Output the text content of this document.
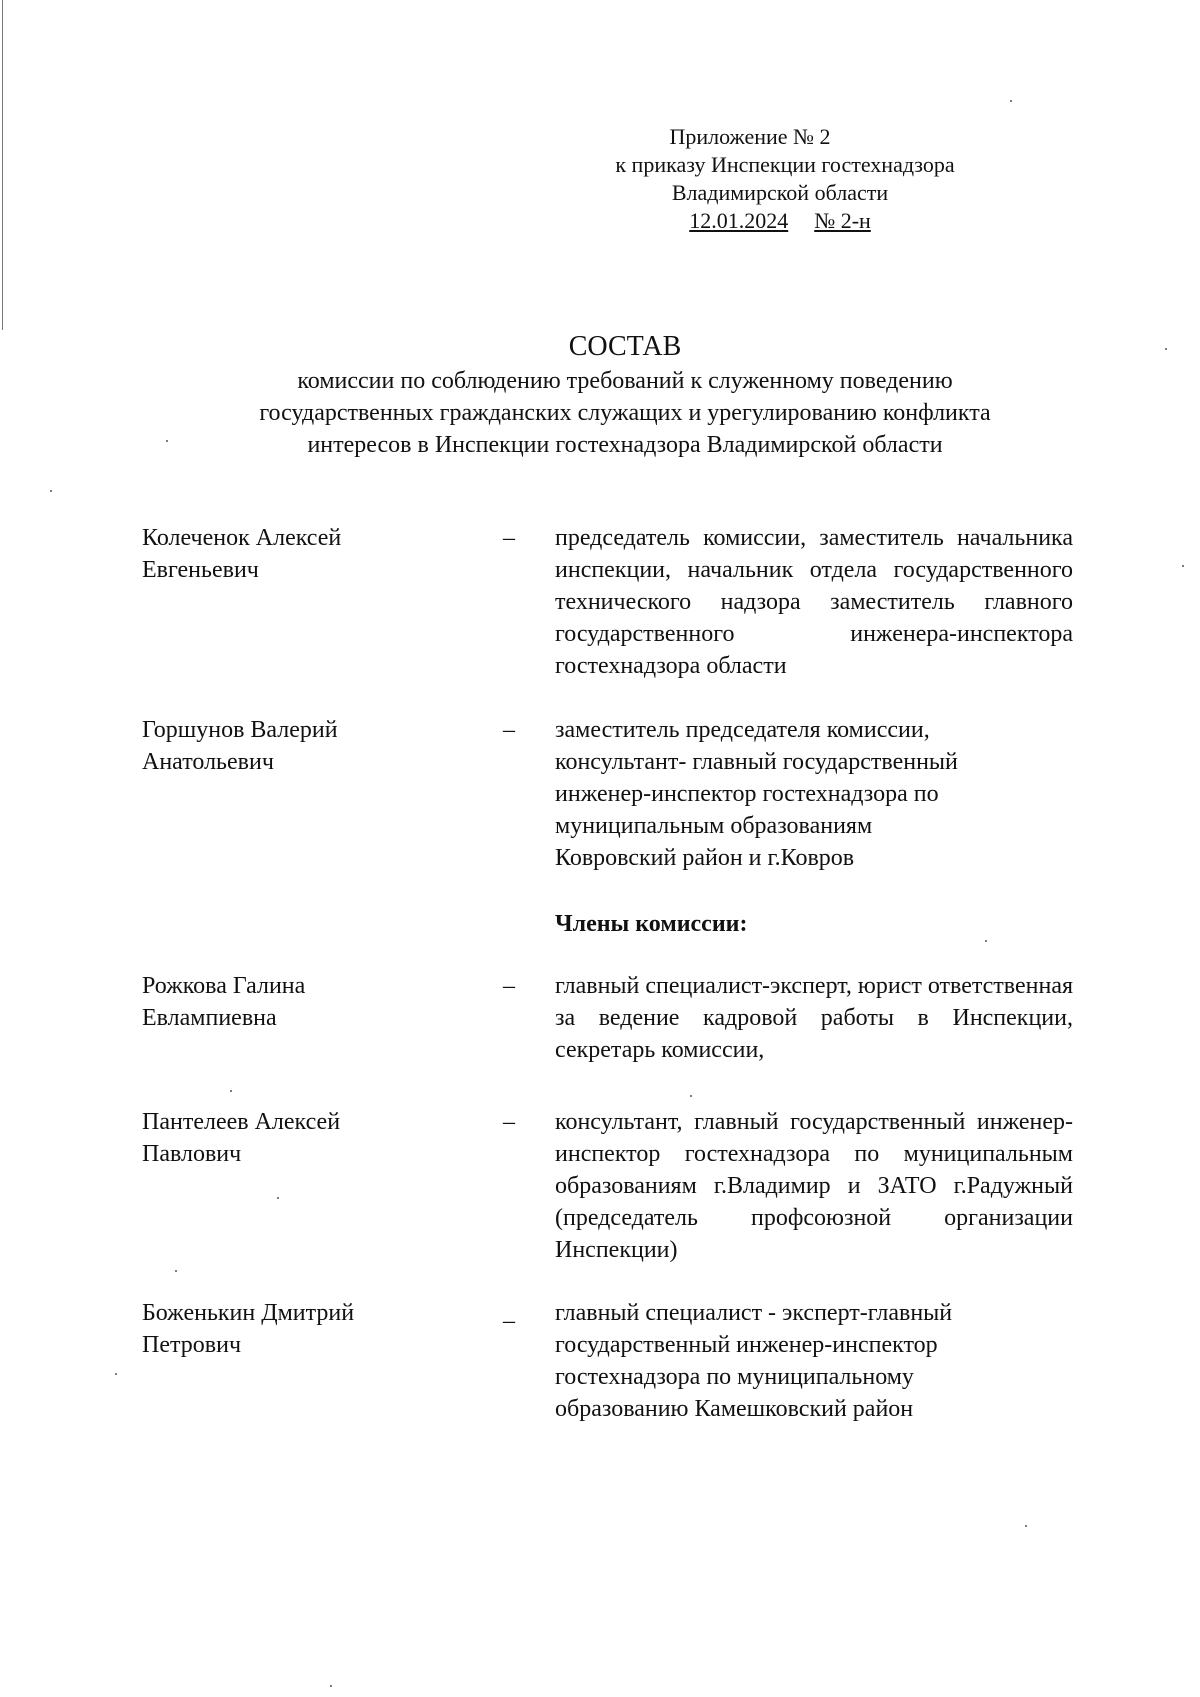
Приложение № 2
к приказу Инспекции гостехнадзора
Владимирской области
12.01.2024 № 2-н
СОСТАВ
комиссии по соблюдению требований к служенному поведению
государственных гражданских служащих и урегулированию конфликта
интересов в Инспекции гостехнадзора Владимирской области
Колеченок Алексей
Евгеньевич
–	председатель комиссии, заместитель начальника инспекции, начальник отдела государственного технического надзора заместитель главного государственного инженера-инспектора гостехнадзора области
Горшунов Валерий
Анатольевич
–	заместитель председателя комиссии,
консультант- главный государственный
инженер-инспектор гостехнадзора по
муниципальным образованиям
Ковровский район и г.Ковров
Члены комиссии:
Рожкова Галина
Евлампиевна
–	главный специалист-эксперт, юрист ответственная за ведение кадровой работы в Инспекции, секретарь комиссии,
Пантелеев Алексей
Павлович
–	консультант, главный государственный инженер-инспектор гостехнадзора по муниципальным образованиям г.Владимир и ЗАТО г.Радужный (председатель профсоюзной организации Инспекции)
Боженькин Дмитрий
Петрович
_	главный специалист - эксперт-главный
государственный инженер-инспектор
гостехнадзора по муниципальному
образованию Камешковский район
